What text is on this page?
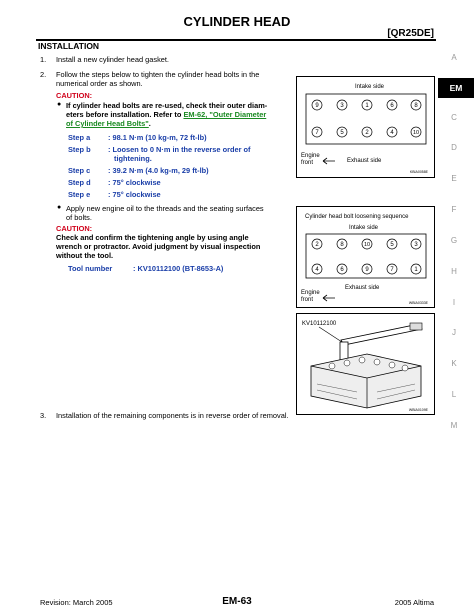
CYLINDER HEAD
[QR25DE]
INSTALLATION
1. Install a new cylinder head gasket.
2. Follow the steps below to tighten the cylinder head bolts in the
numerical order as shown.
CAUTION:
● If cylinder head bolts are re-used, check their outer diam-
eters before installation. Refer to EM-62, "Outer Diameter
of Cylinder Head Bolts".
Step a	: 98.1 N·m (10 kg-m, 72 ft-lb)
Step b	: Loosen to 0 N·m in the reverse order of
tightening.
Step c	: 39.2 N·m (4.0 kg-m, 29 ft-lb)
Step d	: 75° clockwise
Step e	: 75° clockwise
● Apply new engine oil to the threads and the seating surfaces
of bolts.
CAUTION:
Check and confirm the tightening angle by using angle
wrench or protractor. Avoid judgment by visual inspection
without the tool.
Tool number	: KV10112100 (BT-8653-A)
Intake side
9	3	1	6	8
7	5	2	4	10
Engine
front	Exhaust side
KBIA0058E
Cylinder head bolt loosening sequence
Intake side
2	8	10	5	3
4	6	9	7	1
Exhaust side
Engine
front	WBIA0333E
KV10112100
WBIA0109E
3. Installation of the remaining components is in reverse order of removal.
A
EM
C
D
E
F
G
H
I
J
K
L
M
Revision: March 2005	EM-63	2005 Altima
